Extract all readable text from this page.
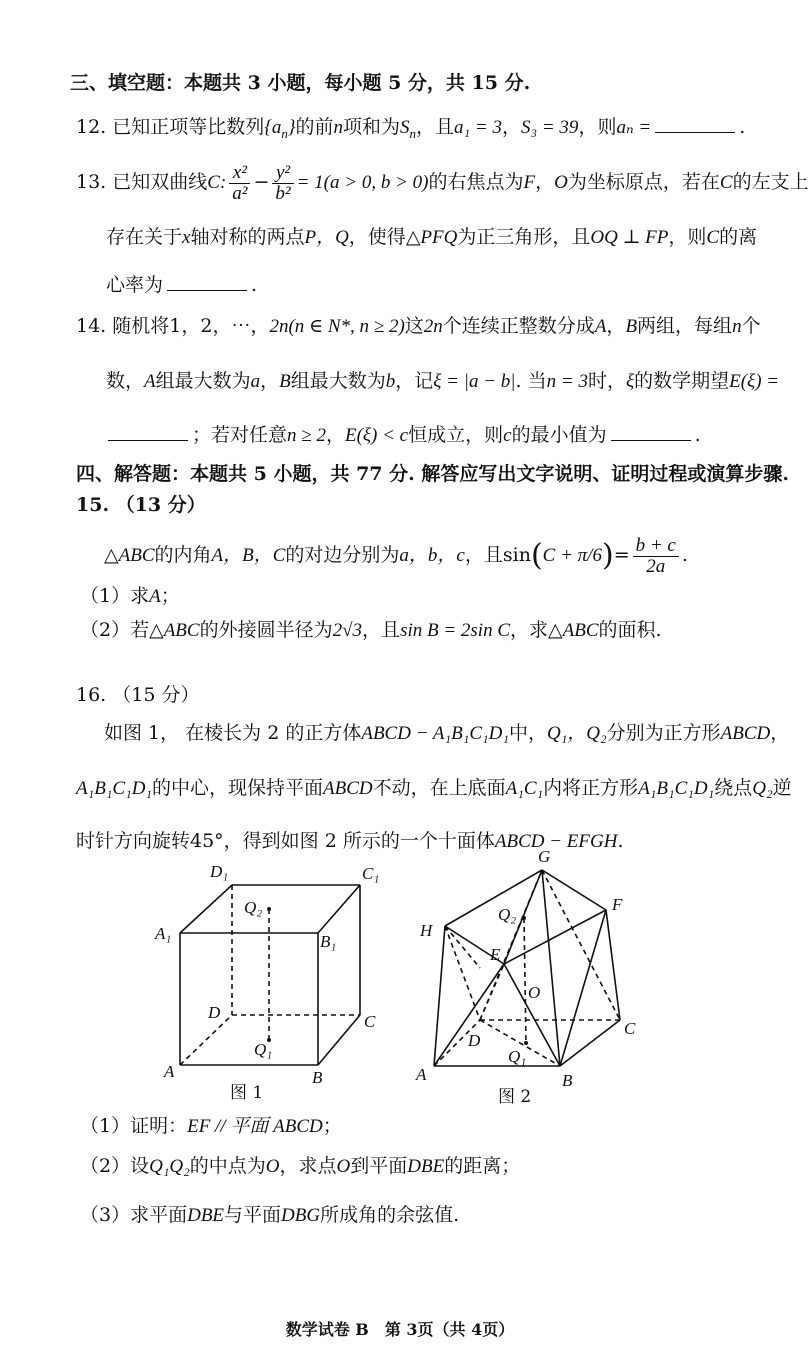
三、填空题：本题共 3 小题，每小题 5 分，共 15 分.
12. 已知正项等比数列$\{a_n\}$的前n项和为$S_n$，且a₁ = 3，S₃ = 39，则aₙ =	.
13. 已知双曲线C: $\frac{\text{x²}}{\text{a²}} - \frac{\text{y²}}{\text{b²}} = 1(a > 0$, b > 0)的右焦点为F，O为坐标原点，若在C的左支上
存在关于x轴对称的两点P，Q，使得△PFQ为正三角形，且OQ ⊥ FP，则C的离
心率为	.
14. 随机将1，2，⋯，2n(n ∈ N*, n ≥ 2)这2n个连续正整数分成A，B两组，每组n个
数，A组最大数为a，B组最大数为b，记ξ = |a − b|. 当n = 3时，ξ的数学期望E(ξ) =
；若对任意n ≥ 2，E(ξ) < c恒成立，则c的最小值为	.
四、解答题：本题共 5 小题，共 77 分. 解答应写出文字说明、证明过程或演算步骤.
15. （13 分）
△ABC的内角A，B，C的对边分别为a，b，c，且$\sin(C + \pi/6)= \frac{b + c}{2a}$ .
（1）求A；
（2）若△ABC的外接圆半径为2√3，且sin B = 2sin C，求△ABC的面积.
16. （15 分）
如图 1， 在棱长为 2 的正方体ABCD − A₁B₁C₁D₁中，Q₁，Q₂分别为正方形ABCD，
A₁B₁C₁D₁的中心，现保持平面ABCD不动，在上底面A₁C₁内将正方形A₁B₁C₁D₁绕点Q₂逆
时针方向旋转45°，得到如图 2 所示的一个十面体ABCD − EFGH.
D₁	C₁
A₁	B₁
Q₂
D	C
Q₁
A	B
图 1
G
F
H
Q₂
E
O
D
C
Q₁
A	B
图 2
（1）证明：EF // 平面 ABCD；
（2）设Q₁Q₂的中点为O，求点O到平面DBE的距离；
（3）求平面DBE与平面DBG所成角的余弦值.
数学试卷 B　第 3页（共 4页）
